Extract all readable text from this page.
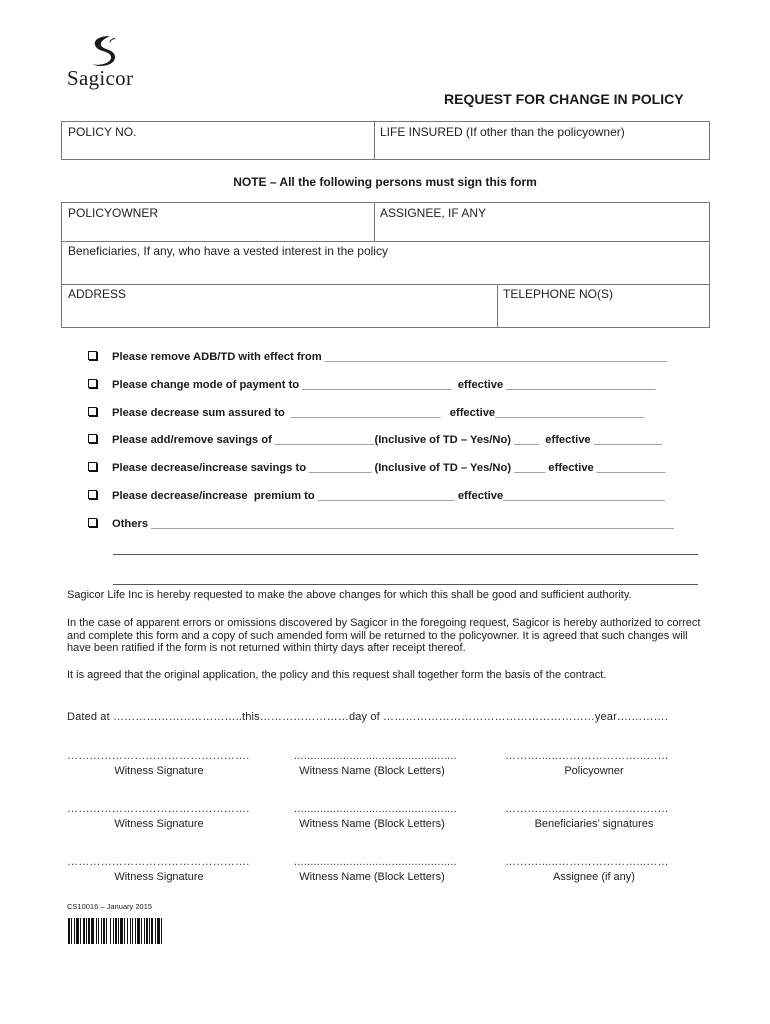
Sagicor
REQUEST FOR CHANGE IN POLICY
POLICY NO.	LIFE INSURED (If other than the policyowner)
NOTE – All the following persons must sign this form
POLICYOWNER	ASSIGNEE, IF ANY
Beneficiaries, If any, who have a vested interest in the policy
ADDRESS	TELEPHONE NO(S)
Please remove ADB/TD with effect from _______________________________________________________
Please change mode of payment to ________________________  effective ________________________
Please decrease sum assured to  ________________________   effective________________________
Please add/remove savings of ________________(Inclusive of TD – Yes/No) ____  effective ___________
Please decrease/increase savings to __________ (Inclusive of TD – Yes/No) _____ effective ___________
Please decrease/increase  premium to ______________________ effective__________________________
Others ____________________________________________________________________________________
Sagicor Life Inc is hereby requested to make the above changes for which this shall be good and sufficient authority.
In the case of apparent errors or omissions discovered by Sagicor in the foregoing request, Sagicor is hereby authorized to correct and complete this form and a copy of such amended form will be returned to the policyowner. It is agreed that such changes will have been ratified if the form is not returned within thirty days after receipt thereof.
It is agreed that the original application, the policy and this request shall together form the basis of the contract.
Dated at ……………………………..this……………………day of …………………………………………………year….……….
………………………………………….	..................................................	………......…………………...……
Witness Signature	Witness Name (Block Letters)	Policyowner
………………………………………….	..................................................	………......…………………...……
Witness Signature	Witness Name (Block Letters)	Beneficiaries’ signatures
………………………………………….	..................................................	………......…………………...……
Witness Signature	Witness Name (Block Letters)	Assignee (if any)
CS10016 – January 2015
